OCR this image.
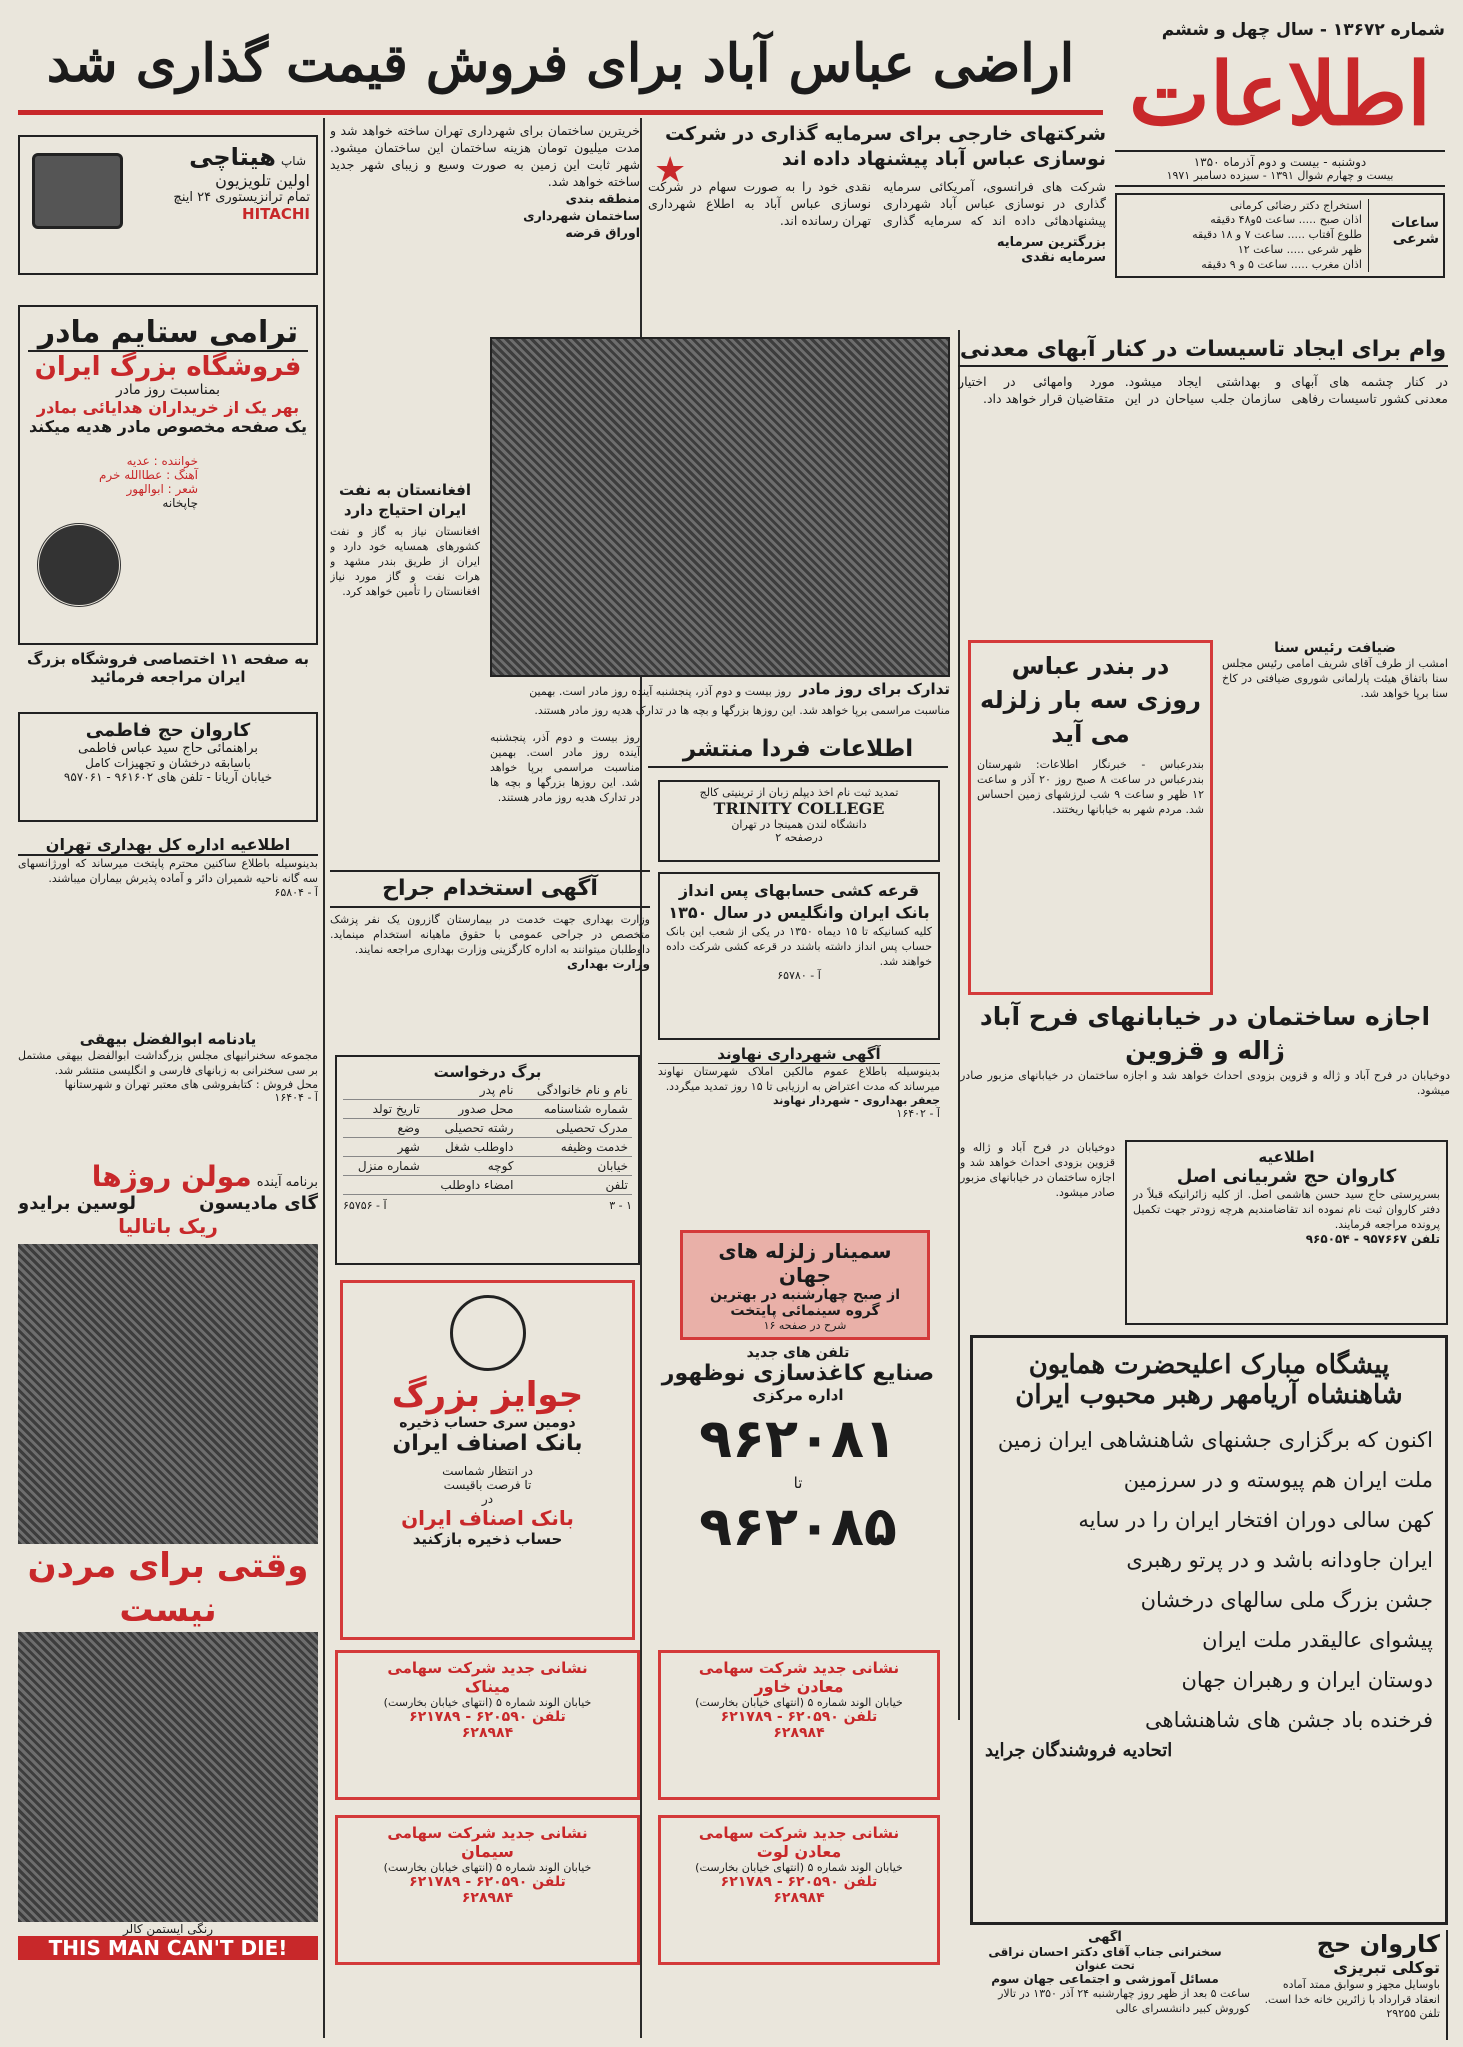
شماره ۱۳۶۷۲ - سال چهل و ششم
اطلاعات
دوشنبه - بیست و دوم آذرماه ۱۳۵۰
بیست و چهارم شوال ۱۳۹۱ - سیزده دسامبر ۱۹۷۱
ساعات شرعی
استخراج دکتر رضائی کرمانی
اذان صبح ..... ساعت ۵و۴۸ دقیقه
طلوع آفتاب ..... ساعت ۷ و ۱۸ دقیقه
ظهر شرعی ..... ساعت ۱۲
اذان مغرب ..... ساعت ۵ و ۹ دقیقه
اراضی عباس آباد برای فروش قیمت گذاری شد
شرکتهای خارجی برای سرمایه گذاری در شرکت نوسازی عباس آباد پیشنهاد داده اند
★	شرکت های فرانسوی، آمریکائی سرمایه گذاری در نوسازی عباس آباد شهرداری پیشنهادهائی داده اند که سرمایه گذاری نقدی خود را به صورت سهام در شرکت نوسازی عباس آباد به اطلاع شهرداری تهران رسانده اند.
بزرگترین سرمایه
سرمایه نقدی
خریترین ساختمان برای شهرداری تهران ساخته خواهد شد و مدت میلیون تومان هزینه ساختمان این ساختمان میشود. شهر ثابت این زمین به صورت وسیع و زیبای شهر جدید ساخته خواهد شد.
منطقه بندی
ساختمان شهرداری
اوراق قرضه
وام برای ایجاد تاسیسات در کنار آبهای معدنی
در کنار چشمه های آبهای معدنی کشور تاسیسات رفاهی و بهداشتی ایجاد میشود. سازمان جلب سیاحان در این مورد وامهائی در اختیار متقاضیان قرار خواهد داد.
تدارک برای روز مادر
روز بیست و دوم آذر، پنجشنبه آینده روز مادر است. بهمین مناسبت مراسمی برپا خواهد شد. این روزها بزرگها و بچه ها در تدارک هدیه روز مادر هستند.
افغانستان به نفت ایران احتیاج دارد
افغانستان نیاز به گاز و نفت کشورهای همسایه خود دارد و ایران از طریق بندر مشهد و هرات نفت و گاز مورد نیاز افغانستان را تأمین خواهد کرد.
در بندر عباس روزی سه بار زلزله می آید
بندرعباس - خبرنگار اطلاعات: شهرستان بندرعباس در ساعت ۸ صبح روز ۲۰ آذر و ساعت ۱۲ ظهر و ساعت ۹ شب لرزشهای زمین احساس شد. مردم شهر به خیابانها ریختند.
ضیافت رئیس سنا
امشب از طرف آقای شریف امامی رئیس مجلس سنا باتفاق هیئت پارلمانی شوروی ضیافتی در کاخ سنا برپا خواهد شد.
اجازه ساختمان در خیابانهای فرح آباد ژاله و قزوین
دوخیابان در فرح آباد و ژاله و قزوین بزودی احداث خواهد شد و اجازه ساختمان در خیابانهای مزبور صادر میشود.
اطلاعیه
کاروان حج شربیانی اصل
بسرپرستی حاج سید حسن هاشمی اصل. از کلیه زائرانیکه قبلاً در دفتر کاروان ثبت نام نموده اند تقاضامندیم هرچه زودتر جهت تکمیل پرونده مراجعه فرمایند.
تلفن ۹۵۷۶۶۷ - ۹۶۵۰۵۴
دوخیابان در فرح آباد و ژاله و قزوین بزودی احداث خواهد شد و اجازه ساختمان در خیابانهای مزبور صادر میشود.
اطلاعات فردا منتشر
روز بیست و دوم آذر، پنجشنبه آینده روز مادر است. بهمین مناسبت مراسمی برپا خواهد شد. این روزها بزرگها و بچه ها در تدارک هدیه روز مادر هستند.	تمدید ثبت نام اخذ دیپلم زبان از ترینیتی کالج
TRINITY COLLEGE
دانشگاه لندن همینجا در تهران
درصفحه ۲
قرعه کشی حسابهای پس انداز بانک ایران وانگلیس در سال ۱۳۵۰
کلیه کسانیکه تا ۱۵ دیماه ۱۳۵۰ در یکی از شعب این بانک حساب پس انداز داشته باشند در قرعه کشی شرکت داده خواهند شد.
آ - ۶۵۷۸۰
آگهی شهرداری نهاوند
بدینوسیله باطلاع عموم مالکین املاک شهرستان نهاوند میرساند که مدت اعتراض به ارزیابی تا ۱۵ روز تمدید میگردد.
جعفر بهداروی - شهردار نهاوند
آ - ۱۶۴۰۲
آگهی استخدام جراح
وزارت بهداری جهت خدمت در بیمارستان گازرون یک نفر پزشک متخصص در جراحی عمومی با حقوق ماهیانه استخدام مینماید. داوطلبان میتوانند به اداره کارگزینی وزارت بهداری مراجعه نمایند.
وزارت بهداری
برگ درخواست
نام و نام خانوادگی	نام پدر	
شماره شناسنامه	محل صدور	تاریخ تولد
مدرک تحصیلی	رشته تحصیلی	وضع
خدمت وظیفه	داوطلب شغل	شهر
خیابان	کوچه	شماره منزل
تلفن	امضاء داوطلب	
۱ - ۳
آ - ۶۵۷۵۶
سمینار زلزله های جهان
از صبح چهارشنبه در بهترین
گروه سینمائی پایتخت
شرح در صفحه ۱۶
تلفن های جدید
صنایع کاغذسازی نوظهور
اداره مرکزی
۹۶۲۰۸۱
تا
۹۶۲۰۸۵
نشانی جدید شرکت سهامی
معادن خاور
خیابان الوند شماره ۵ (انتهای خیابان بخارست)
تلفن ۶۲۰۵۹۰ - ۶۲۱۷۸۹
۶۲۸۹۸۴
نشانی جدید شرکت سهامی
میناک
خیابان الوند شماره ۵ (انتهای خیابان بخارست)
تلفن ۶۲۰۵۹۰ - ۶۲۱۷۸۹
۶۲۸۹۸۴
نشانی جدید شرکت سهامی
معادن لوت
خیابان الوند شماره ۵ (انتهای خیابان بخارست)
تلفن ۶۲۰۵۹۰ - ۶۲۱۷۸۹
۶۲۸۹۸۴
نشانی جدید شرکت سهامی
سیمان
خیابان الوند شماره ۵ (انتهای خیابان بخارست)
تلفن ۶۲۰۵۹۰ - ۶۲۱۷۸۹
۶۲۸۹۸۴
جوایز بزرگ
دومین سری حساب ذخیره
بانک اصناف ایران
در انتظار شماست
تا فرصت باقیست
در
بانک اصناف ایران
حساب ذخیره بازکنید
شاپ هیتاچی
اولین تلویزیون
تمام ترانزیستوری ۲۴ اینچ
HITACHI
ترامی ستایم مادر
فروشگاه بزرگ ایران
بمناسبت روز مادر
بهر یک از خریداران هدایائی بمادر
یک صفحه مخصوص مادر هدیه میکند
خواننده : عدیه
آهنگ : عطاالله خرم
شعر : ابوالهور
چاپخانه
به صفحه ۱۱ اختصاصی فروشگاه بزرگ ایران مراجعه فرمائید
کاروان حج فاطمی
براهنمائی حاج سید عباس فاطمی
باسابقه درخشان و تجهیزات کامل
خیابان آریانا - تلفن های ۹۶۱۶۰۲ - ۹۵۷۰۶۱
اطلاعیه اداره کل بهداری تهران
بدینوسیله باطلاع ساکنین محترم پایتخت میرساند که اورژانسهای سه گانه ناحیه شمیران دائر و آماده پذیرش بیماران میباشند.
آ - ۶۵۸۰۴
یادنامه ابوالفضل بیهقی
مجموعه سخنرانیهای مجلس بزرگداشت ابوالفضل بیهقی مشتمل بر سی سخنرانی به زبانهای فارسی و انگلیسی منتشر شد.
محل فروش : کتابفروشی های معتبر تهران و شهرستانها
آ - ۱۶۴۰۴
برنامه آینده مولن روژها
گای مادیسون
لوسین برایدو
ریک باتالیا
وقتی برای مردن نیست
رنگی ایستمن کالر
THIS MAN CAN'T DIE!
پیشگاه مبارک اعلیحضرت همایون
شاهنشاه آریامهر رهبر محبوب ایران
اکنون که برگزاری جشنهای شاهنشاهی ایران زمین
ملت ایران هم پیوسته و در سرزمین
کهن سالی دوران افتخار ایران را در سایه
ایران جاودانه باشد و در پرتو رهبری
جشن بزرگ ملی سالهای درخشان
پیشوای عالیقدر ملت ایران
دوستان ایران و رهبران جهان
فرخنده باد جشن های شاهنشاهی
اتحادیه فروشندگان جراید
آگهی
سخنرانی جناب آقای دکتر احسان نراقی
تحت عنوان
مسائل آموزشی و اجتماعی جهان سوم
ساعت ۵ بعد از ظهر روز چهارشنبه ۲۴ آذر ۱۳۵۰ در تالار کوروش کبیر دانشسرای عالی
کاروان حج
توکلی تبریزی
باوسایل مجهز و سوابق ممتد آماده انعقاد قرارداد با زائرین خانه خدا است.
تلفن ۲۹۲۵۵
